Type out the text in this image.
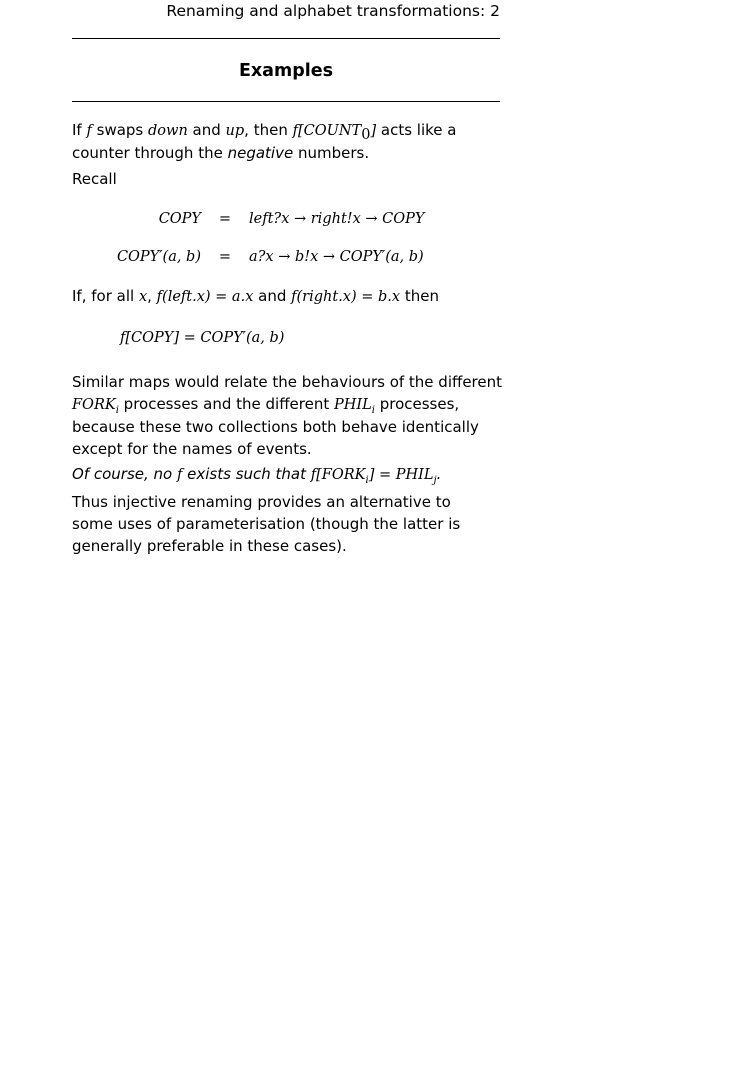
Renaming and alphabet transformations: 2
Examples
If f swaps down and up, then $f[COUNT_0]$ acts like a counter through the negative numbers.
Recall
COPY = left?x → right!x → COPY
COPY′(a, b) = a?x → b!x → COPY′(a, b)
If, for all x, f(left.x) = a.x and f(right.x) = b.x then
f[COPY] = COPY′(a, b)
Similar maps would relate the behaviours of the different $FORK_i$ processes and the different $PHIL_i$ processes, because these two collections both behave identically except for the names of events.
Of course, no f exists such that $f[FORK_i]$ = $PHIL_j$.
Thus injective renaming provides an alternative to some uses of parameterisation (though the latter is generally preferable in these cases).
